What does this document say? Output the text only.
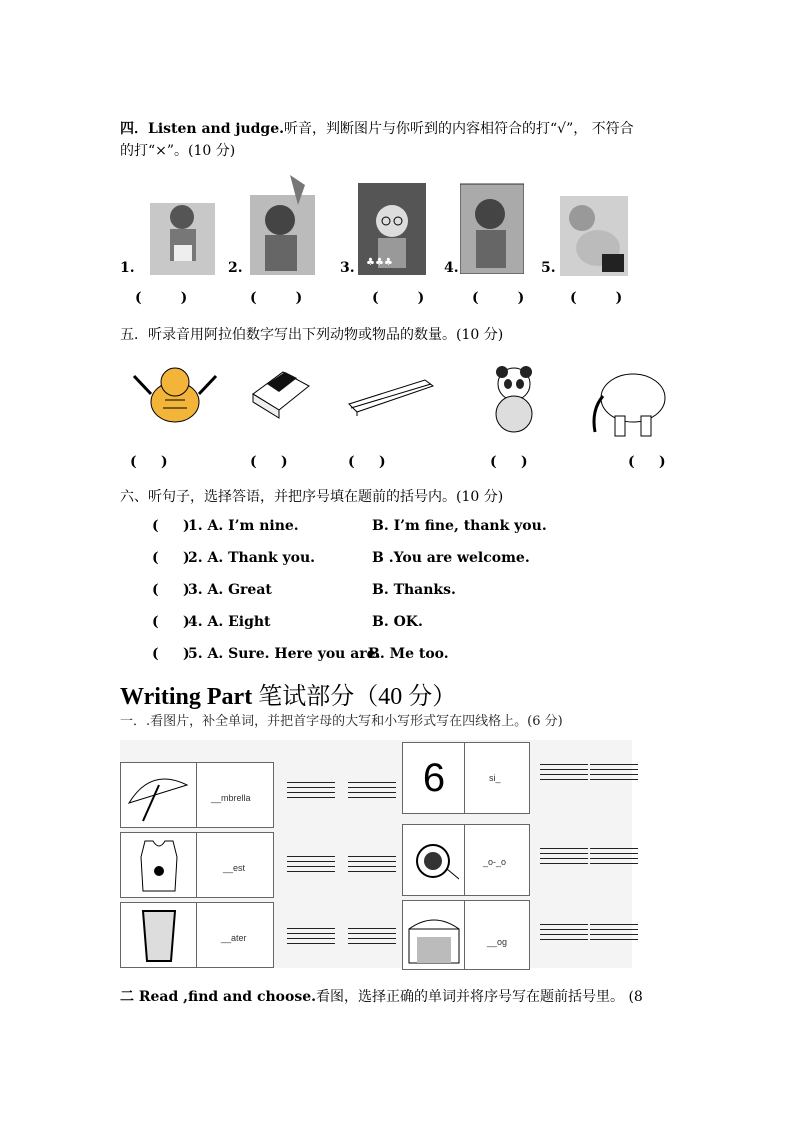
四．Listen and judge.听音，判断图片与你听到的内容相符合的打“√”， 不符合
的打“×”。(10 分)
♣♣♣
1.	2.	3.	4.	5.
(        )	(        )	(        )	(        )	(        )
五．听录音用阿拉伯数字写出下列动物或物品的数量。(10 分)
(     )	(     )	(     )	(     )	(     )
六、听句子，选择答语，并把序号填在题前的括号内。(10 分)
(     )
1. A. I’m nine.	B. I’m fine, thank you.
(     )
2. A. Thank you.	B .You are welcome.
(     )
3. A. Great	B. Thanks.
(     )
4. A. Eight	B. OK.
(     )
5. A. Sure. Here you are.
B. Me too.
Writing Part 笔试部分（40 分）
一．.看图片，补全单词，并把首字母的大写和小写形式写在四线格上。(6 分)
__mbrella
__est
__ater
6	si_
_o-_o
__og
二 Read ,find and choose.看图，选择正确的单词并将序号写在题前括号里。 (8
